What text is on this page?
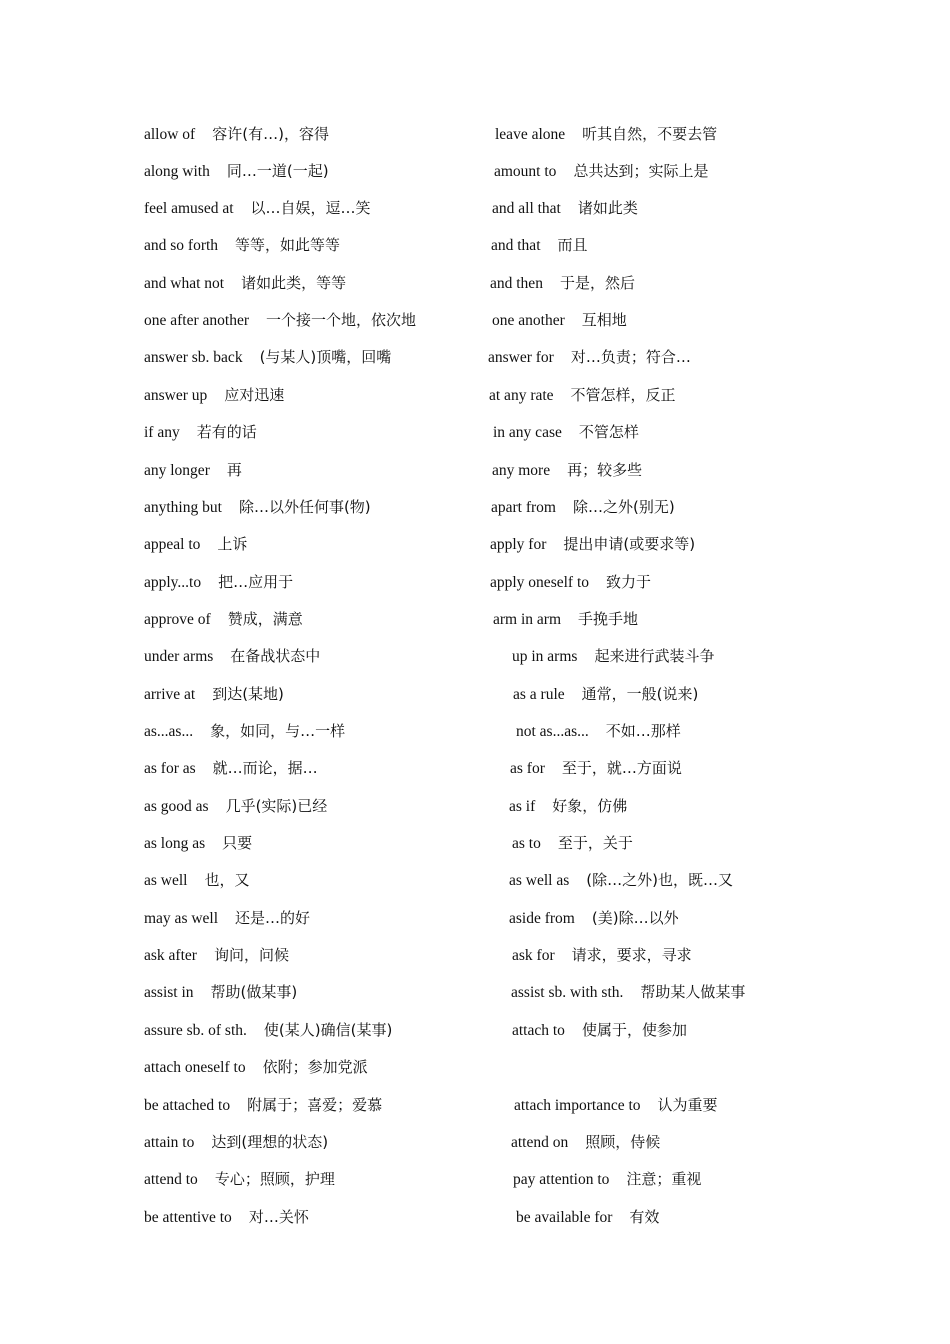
allow of 容许(有…)，容得	leave alone 听其自然，不要去管
along with 同…一道(一起)	amount to 总共达到；实际上是
feel amused at 以…自娱，逗…笑	and all that 诸如此类
and so forth 等等，如此等等	and that 而且
and what not 诸如此类，等等	and then 于是，然后
one after another 一个接一个地，依次地	one another 互相地
answer sb. back (与某人)顶嘴，回嘴	answer for 对…负责；符合…
answer up 应对迅速	at any rate 不管怎样，反正
if any 若有的话	in any case 不管怎样
any longer 再	any more 再；较多些
anything but 除…以外任何事(物)	apart from 除…之外(别无)
appeal to 上诉	apply for 提出申请(或要求等)
apply...to 把…应用于	apply oneself to 致力于
approve of 赞成，满意	arm in arm 手挽手地
under arms 在备战状态中	up in arms 起来进行武装斗争
arrive at 到达(某地)	as a rule 通常，一般(说来)
as...as... 象，如同，与…一样	not as...as... 不如…那样
as for as 就…而论，据…	as for 至于，就…方面说
as good as 几乎(实际)已经	as if 好象，仿佛
as long as 只要	as to 至于，关于
as well 也，又	as well as (除…之外)也，既…又
may as well 还是…的好	aside from (美)除…以外
ask after 询问，问候	ask for 请求，要求，寻求
assist in 帮助(做某事)	assist sb. with sth. 帮助某人做某事
assure sb. of sth. 使(某人)确信(某事)	attach to 使属于，使参加
attach oneself to 依附；参加党派
be attached to 附属于；喜爱；爱慕	attach importance to 认为重要
attain to 达到(理想的状态)	attend on 照顾，侍候
attend to 专心；照顾，护理	pay attention to 注意；重视
be attentive to 对…关怀	be available for 有效
